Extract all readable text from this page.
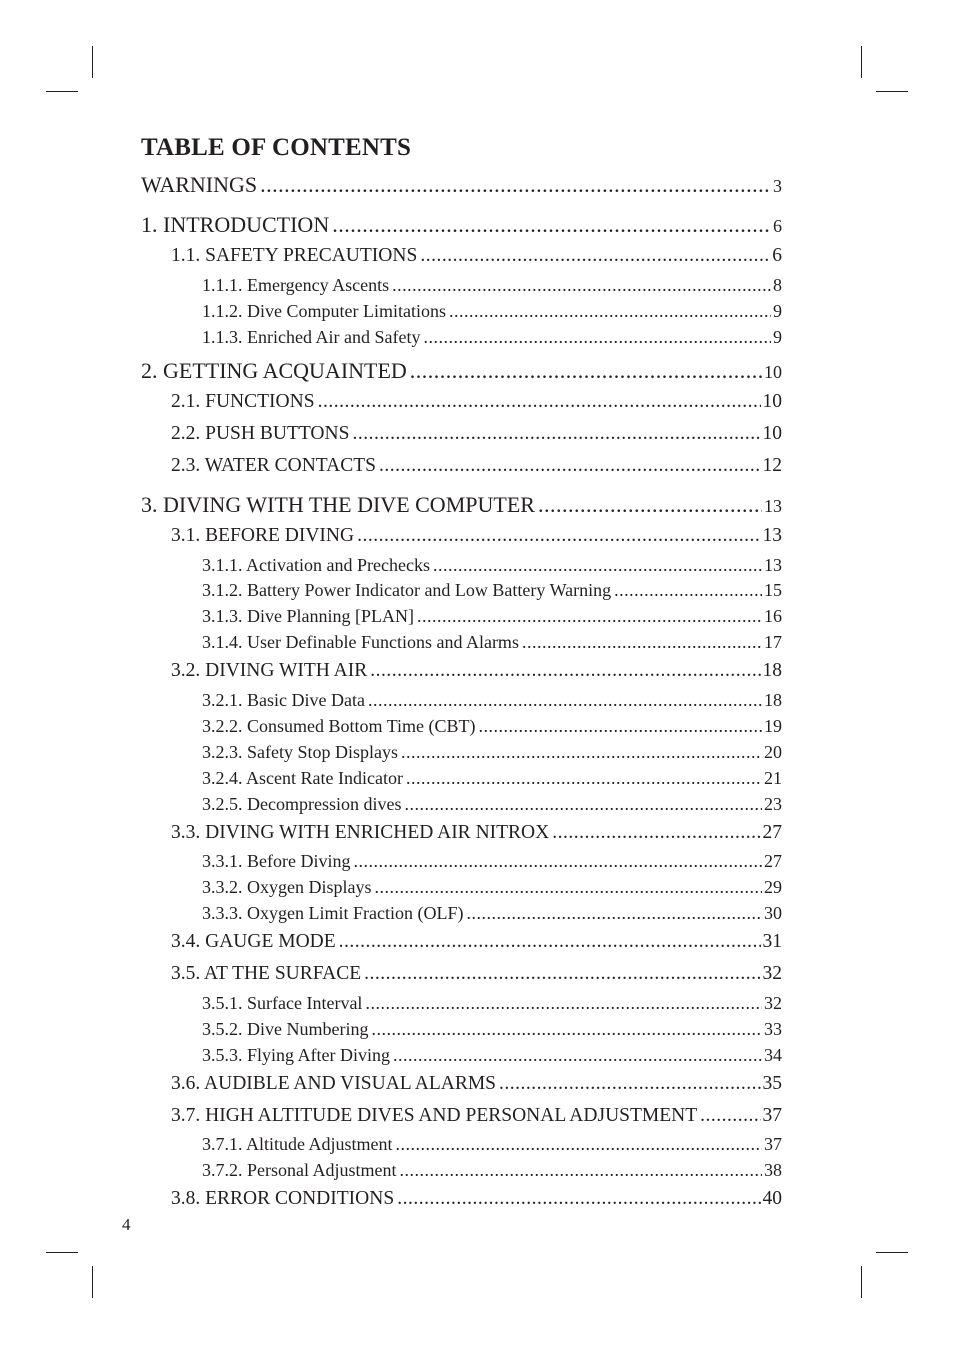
TABLE OF CONTENTS
WARNINGS .....	3
1. INTRODUCTION .....	6
1.1. SAFETY PRECAUTIONS .....	6
1.1.1. Emergency Ascents .....	8
1.1.2. Dive Computer Limitations .....	9
1.1.3. Enriched Air and Safety .....	9
2. GETTING ACQUAINTED .....	10
2.1. FUNCTIONS .....	10
2.2. PUSH BUTTONS .....	10
2.3. WATER CONTACTS .....	12
3. DIVING WITH THE DIVE COMPUTER .....	13
3.1. BEFORE DIVING .....	13
3.1.1. Activation and Prechecks .....	13
3.1.2. Battery Power Indicator and Low Battery Warning .....	15
3.1.3. Dive Planning [PLAN] .....	16
3.1.4. User Definable Functions and Alarms .....	17
3.2. DIVING WITH AIR .....	18
3.2.1. Basic Dive Data .....	18
3.2.2. Consumed Bottom Time (CBT) .....	19
3.2.3. Safety Stop Displays .....	20
3.2.4. Ascent Rate Indicator .....	21
3.2.5. Decompression dives .....	23
3.3. DIVING WITH ENRICHED AIR NITROX .....	27
3.3.1. Before Diving .....	27
3.3.2. Oxygen Displays .....	29
3.3.3. Oxygen Limit Fraction (OLF) .....	30
3.4. GAUGE MODE .....	31
3.5. AT THE SURFACE .....	32
3.5.1. Surface Interval .....	32
3.5.2. Dive Numbering .....	33
3.5.3. Flying After Diving .....	34
3.6. AUDIBLE AND VISUAL ALARMS .....	35
3.7. HIGH ALTITUDE DIVES AND PERSONAL ADJUSTMENT .....	37
3.7.1. Altitude Adjustment .....	37
3.7.2. Personal Adjustment .....	38
3.8. ERROR CONDITIONS .....	40
4
